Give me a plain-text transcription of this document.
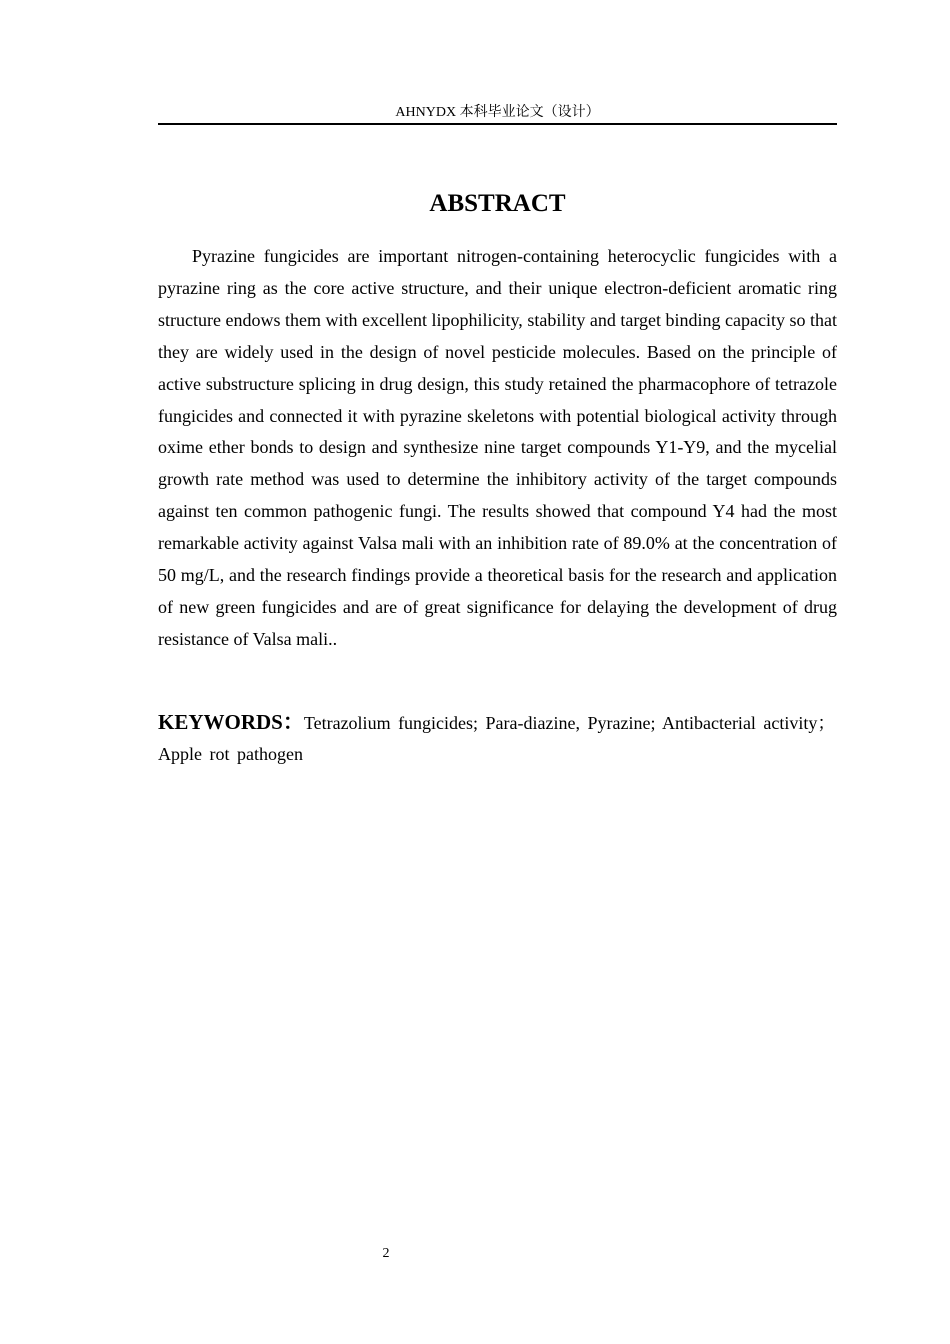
AHNYDX 本科毕业论文（设计）
ABSTRACT

Pyrazine fungicides are important nitrogen-containing heterocyclic fungicides with a pyrazine ring as the core active structure, and their unique electron-deficient aromatic ring structure endows them with excellent lipophilicity, stability and target binding capacity so that they are widely used in the design of novel pesticide molecules. Based on the principle of active substructure splicing in drug design, this study retained the pharmacophore of tetrazole fungicides and connected it with pyrazine skeletons with potential biological activity through oxime ether bonds to design and synthesize nine target compounds Y1-Y9, and the mycelial growth rate method was used to determine the inhibitory activity of the target compounds against ten common pathogenic fungi. The results showed that compound Y4 had the most remarkable activity against Valsa mali with an inhibition rate of 89.0% at the concentration of 50 mg/L, and the research findings provide a theoretical basis for the research and application of new green fungicides and are of great significance for delaying the development of drug resistance of Valsa mali..

KEYWORDS：Tetrazolium fungicides; Para-diazine, Pyrazine; Antibacterial activity；Apple rot pathogen

2
